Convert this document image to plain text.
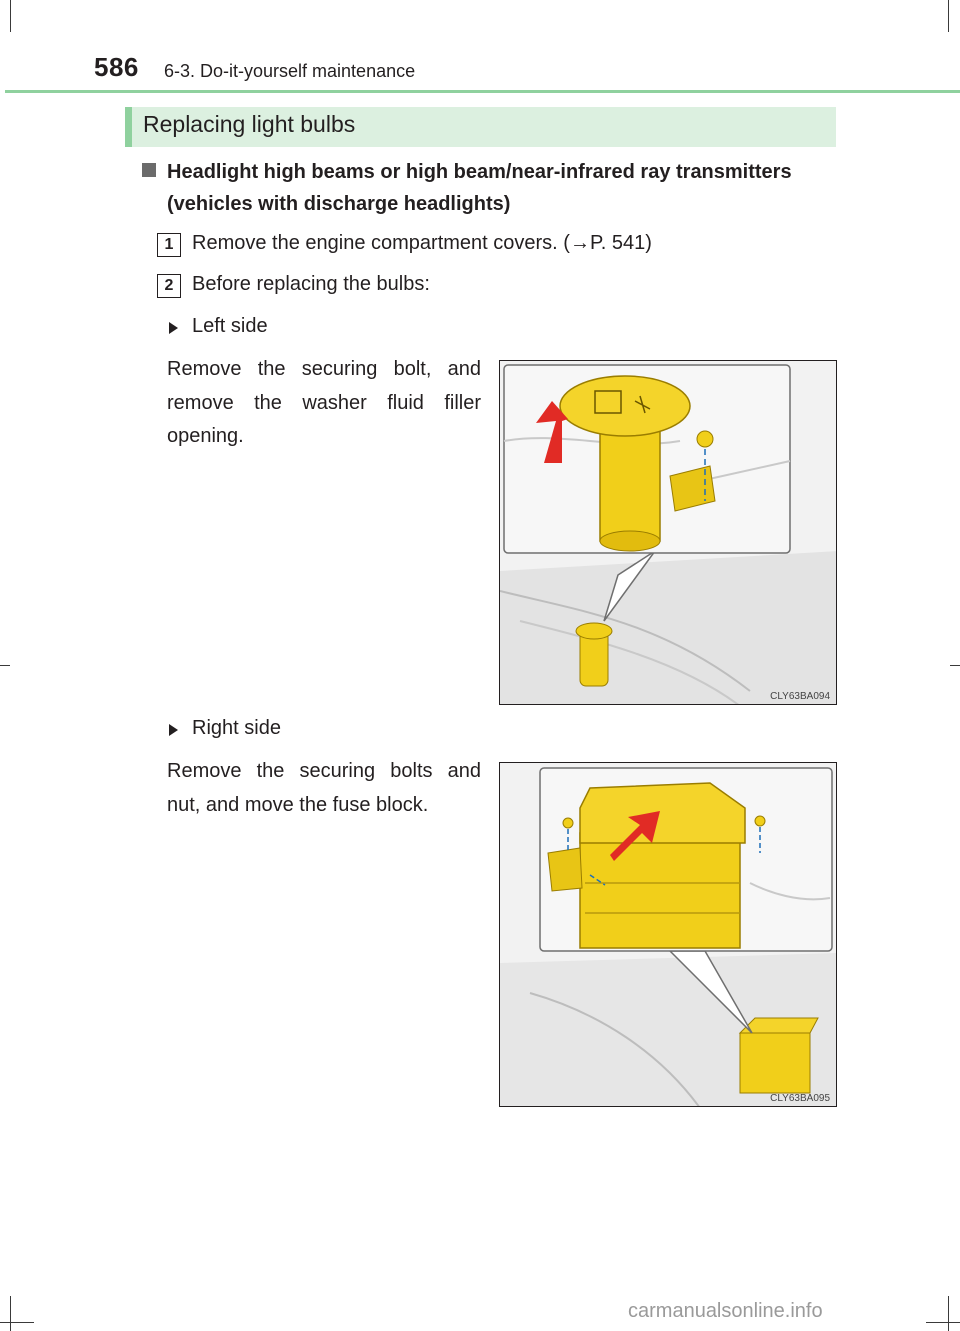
586 6-3. Do-it-yourself maintenance
Replacing light bulbs
Headlight high beams or high beam/near-infrared ray transmitters (vehicles with discharge headlights)
1 Remove the engine compartment covers. (→P. 541)
2 Before replacing the bulbs:
Left side
Remove the securing bolt, and remove the washer fluid filler opening.
CLY63BA094
Right side
Remove the securing bolts and nut, and move the fuse block.
CLY63BA095
carmanualsonline.info
